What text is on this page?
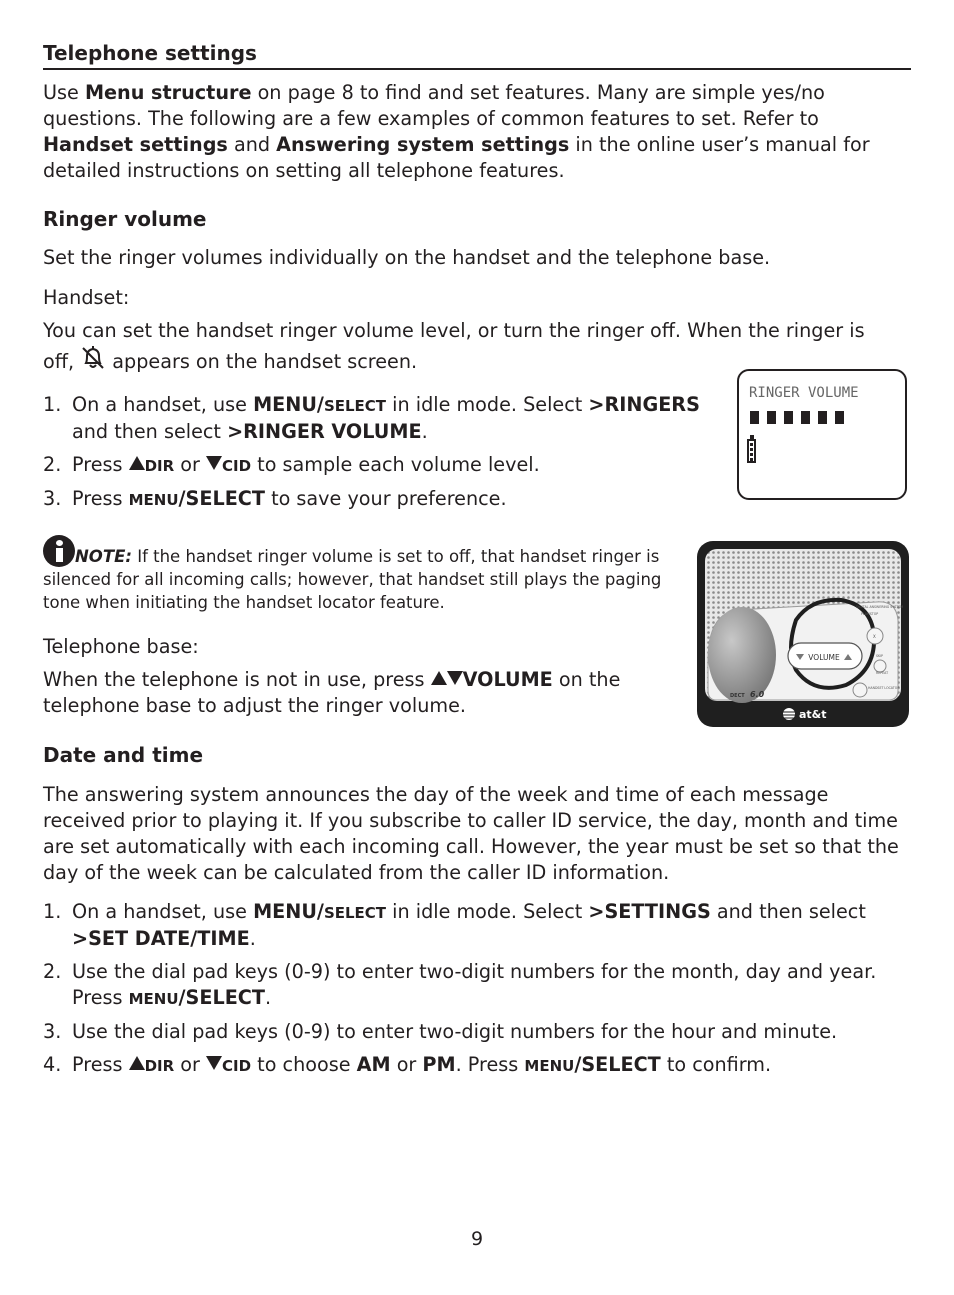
Telephone settings

Use Menu structure on page 8 to find and set features. Many are simple yes/no questions. The following are a few examples of common features to set. Refer to Handset settings and Answering system settings in the online user’s manual for detailed instructions on setting all telephone features.

Ringer volume

Set the ringer volumes individually on the handset and the telephone base.

Handset:

You can set the handset ringer volume level, or turn the ringer off. When the ringer is off,  appears on the handset screen.

1. On a handset, use MENU/SELECT in idle mode. Select >RINGERS and then select >RINGER VOLUME.
2. Press DIR or CID to sample each volume level.
3. Press MENU/SELECT to save your preference.

NOTE: If the handset ringer volume is set to off, that handset ringer is silenced for all incoming calls; however, that handset still plays the paging tone when initiating the handset locator feature.

Telephone base:

When the telephone is not in use, press VOLUME on the telephone base to adjust the ringer volume.

Date and time

The answering system announces the day of the week and time of each message received prior to playing it. If you subscribe to caller ID service, the day, month and time are set automatically with each incoming call. However, the year must be set so that the day of the week can be calculated from the caller ID information.

1. On a handset, use MENU/SELECT in idle mode. Select >SETTINGS and then select >SET DATE/TIME.
2. Use the dial pad keys (0-9) to enter two-digit numbers for the month, day and year. Press MENU/SELECT.
3. Use the dial pad keys (0-9) to enter two-digit numbers for the hour and minute.
4. Press DIR or CID to choose AM or PM. Press MENU/SELECT to confirm.
RINGER VOLUME
VOLUME
DIGITAL ANSWERING SYSTEM
PLAY/STOP
X
SKIP
REPEAT
HANDSET LOCATOR
DECT 6.0
at&t
9
